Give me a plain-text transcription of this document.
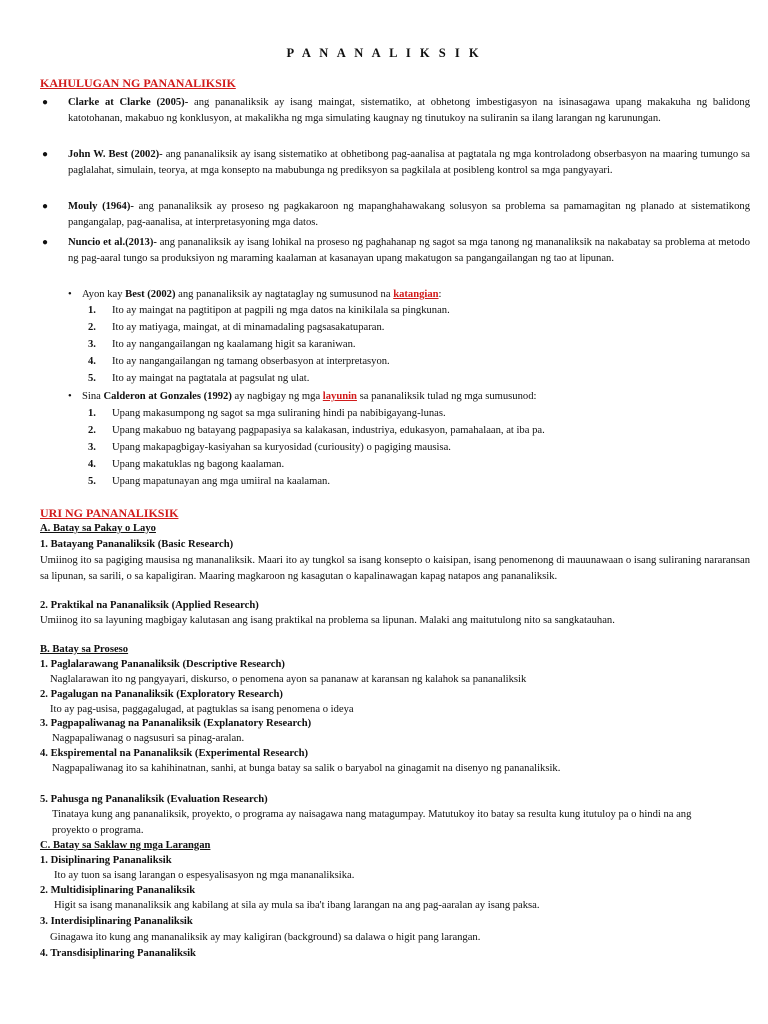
P A N A N A L I K S I K
KAHULUGAN NG PANANALIKSIK
● Clarke at Clarke (2005)- ang pananaliksik ay isang maingat, sistematiko, at obhetong imbestigasyon na isinasagawa upang makakuha ng balidong katotohanan, makabuo ng konklusyon, at makalikha ng mga simulating kaugnay ng tinutukoy na suliranin sa ilang larangan ng karunungan.
● John W. Best (2002)- ang pananaliksik ay isang sistematiko at obhetibong pag-aanalisa at pagtatala ng mga kontroladong obserbasyon na maaring tumungo sa paglalahat, simulain, teorya, at mga konsepto na mabubunga ng prediksyon sa pagkilala at posibleng kontrol sa mga pangyayari.
● Mouly (1964)- ang pananaliksik ay proseso ng pagkakaroon ng mapanghahawakang solusyon sa problema sa pamamagitan ng planado at sistematikong pangangalap, pag-aanalisa, at interpretasyoning mga datos.
● Nuncio et al.(2013)- ang pananaliksik ay isang lohikal na proseso ng paghahanap ng sagot sa mga tanong ng mananaliksik na nakabatay sa problema at metodo ng pag-aaral tungo sa produksiyon ng maraming kaalaman at kasanayan upang makatugon sa pangangailangan ng tao at lipunan.
• Ayon kay Best (2002) ang pananaliksik ay nagtataglay ng sumusunod na katangian:
1. Ito ay maingat na pagtitipon at pagpili ng mga datos na kinikilala sa pingkunan.
2. Ito ay matiyaga, maingat, at di minamadaling pagsasakatuparan.
3. Ito ay nangangailangan ng kaalamang higit sa karaniwan.
4. Ito ay nangangailangan ng tamang obserbasyon at interpretasyon.
5. Ito ay maingat na pagtatala at pagsulat ng ulat.
• Sina Calderon at Gonzales (1992) ay nagbigay ng mga layunin sa pananaliksik tulad ng mga sumusunod:
1. Upang makasumpong ng sagot sa mga suliraning hindi pa nabibigayang-lunas.
2. Upang makabuo ng batayang pagpapasiya sa kalakasan, industriya, edukasyon, pamahalaan, at iba pa.
3. Upang makapagbigay-kasiyahan sa kuryosidad (curiousity) o pagiging mausisa.
4. Upang makatuklas ng bagong kaalaman.
5. Upang mapatunayan ang mga umiiral na kaalaman.
URI NG PANANALIKSIK
A. Batay sa Pakay o Layo
1. Batayang Pananaliksik (Basic Research)
Umiinog ito sa pagiging mausisa ng mananaliksik. Maari ito ay tungkol sa isang konsepto o kaisipan, isang penomenong di mauunawaan o isang suliraning nararansan sa lipunan, sa sarili, o sa kapaligiran. Maaring magkaroon ng kasagutan o kapalinawagan kapag natapos ang pananaliksik.
2. Praktikal na Pananaliksik (Applied Research)
Umiinog ito sa layuning magbigay kalutasan ang isang praktikal na problema sa lipunan. Malaki ang maitutulong nito sa sangkatauhan.
B. Batay sa Proseso
1. Paglalarawang Pananaliksik (Descriptive Research)
Naglalarawan ito ng pangyayari, diskurso, o penomena ayon sa pananaw at karansan ng kalahok sa pananaliksik
2. Pagalugan na Pananaliksik (Exploratory Research)
Ito ay pag-usisa, paggagalugad, at pagtuklas sa isang penomena o ideya
3. Pagpapaliwanag na Pananaliksik (Explanatory Research)
Nagpapaliwanag o nagsusuri sa pinag-aralan.
4. Ekspiremental na Pananaliksik (Experimental Research)
Nagpapaliwanag ito sa kahihinatnan, sanhi, at bunga batay sa salik o baryabol na ginagamit na disenyo ng pananaliksik.
5. Pahusga ng Pananaliksik (Evaluation Research)
Tinataya kung ang pananaliksik, proyekto, o programa ay naisagawa nang matagumpay. Matutukoy ito batay sa resulta kung itutuloy pa o hindi na ang proyekto o programa.
C. Batay sa Saklaw ng mga Larangan
1. Disiplinaring Pananaliksik
Ito ay tuon sa isang larangan o espesyalisasyon ng mga mananaliksika.
2. Multidisiplinaring Pananaliksik
Higit sa isang mananaliksik ang kabilang at sila ay mula sa iba't ibang larangan na ang pag-aaralan ay isang paksa.
3. Interdisiplinaring Pananaliksik
Ginagawa ito kung ang mananaliksik ay may kaligiran (background) sa dalawa o higit pang larangan.
4. Transdisiplinaring Pananaliksik
